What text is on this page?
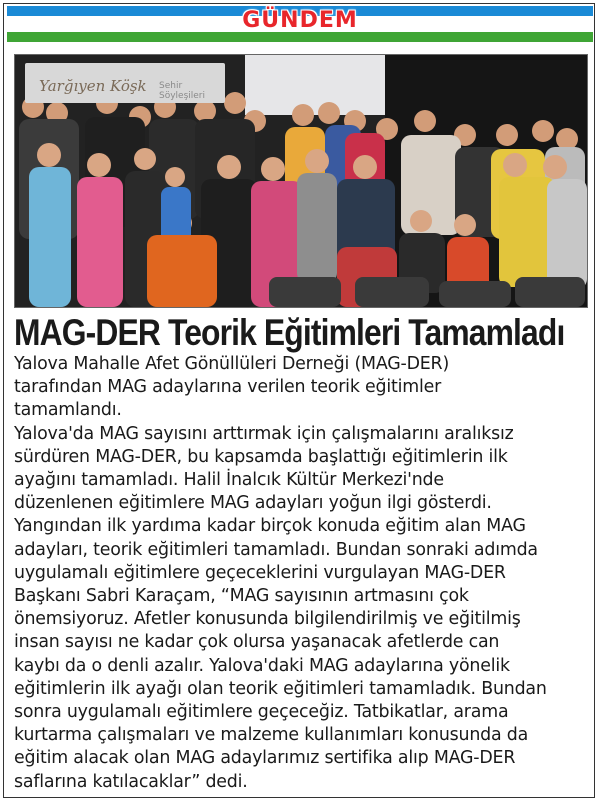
GÜNDEM
Yarğıyen Köşk Sehir Söyleşileri
MAG-DER Teorik Eğitimleri Tamamladı
Yalova Mahalle Afet Gönüllüleri Derneği (MAG-DER)
tarafından MAG adaylarına verilen teorik eğitimler
tamamlandı.
Yalova'da MAG sayısını arttırmak için çalışmalarını aralıksız
sürdüren MAG-DER, bu kapsamda başlattığı eğitimlerin ilk
ayağını tamamladı. Halil İnalcık Kültür Merkezi'nde
düzenlenen eğitimlere MAG adayları yoğun ilgi gösterdi.
Yangından ilk yardıma kadar birçok konuda eğitim alan MAG
adayları, teorik eğitimleri tamamladı. Bundan sonraki adımda
uygulamalı eğitimlere geçeceklerini vurgulayan MAG-DER
Başkanı Sabri Karaçam, “MAG sayısının artmasını çok
önemsiyoruz. Afetler konusunda bilgilendirilmiş ve eğitilmiş
insan sayısı ne kadar çok olursa yaşanacak afetlerde can
kaybı da o denli azalır. Yalova'daki MAG adaylarına yönelik
eğitimlerin ilk ayağı olan teorik eğitimleri tamamladık. Bundan
sonra uygulamalı eğitimlere geçeceğiz. Tatbikatlar, arama
kurtarma çalışmaları ve malzeme kullanımları konusunda da
eğitim alacak olan MAG adaylarımız sertifika alıp MAG-DER
saflarına katılacaklar” dedi.
